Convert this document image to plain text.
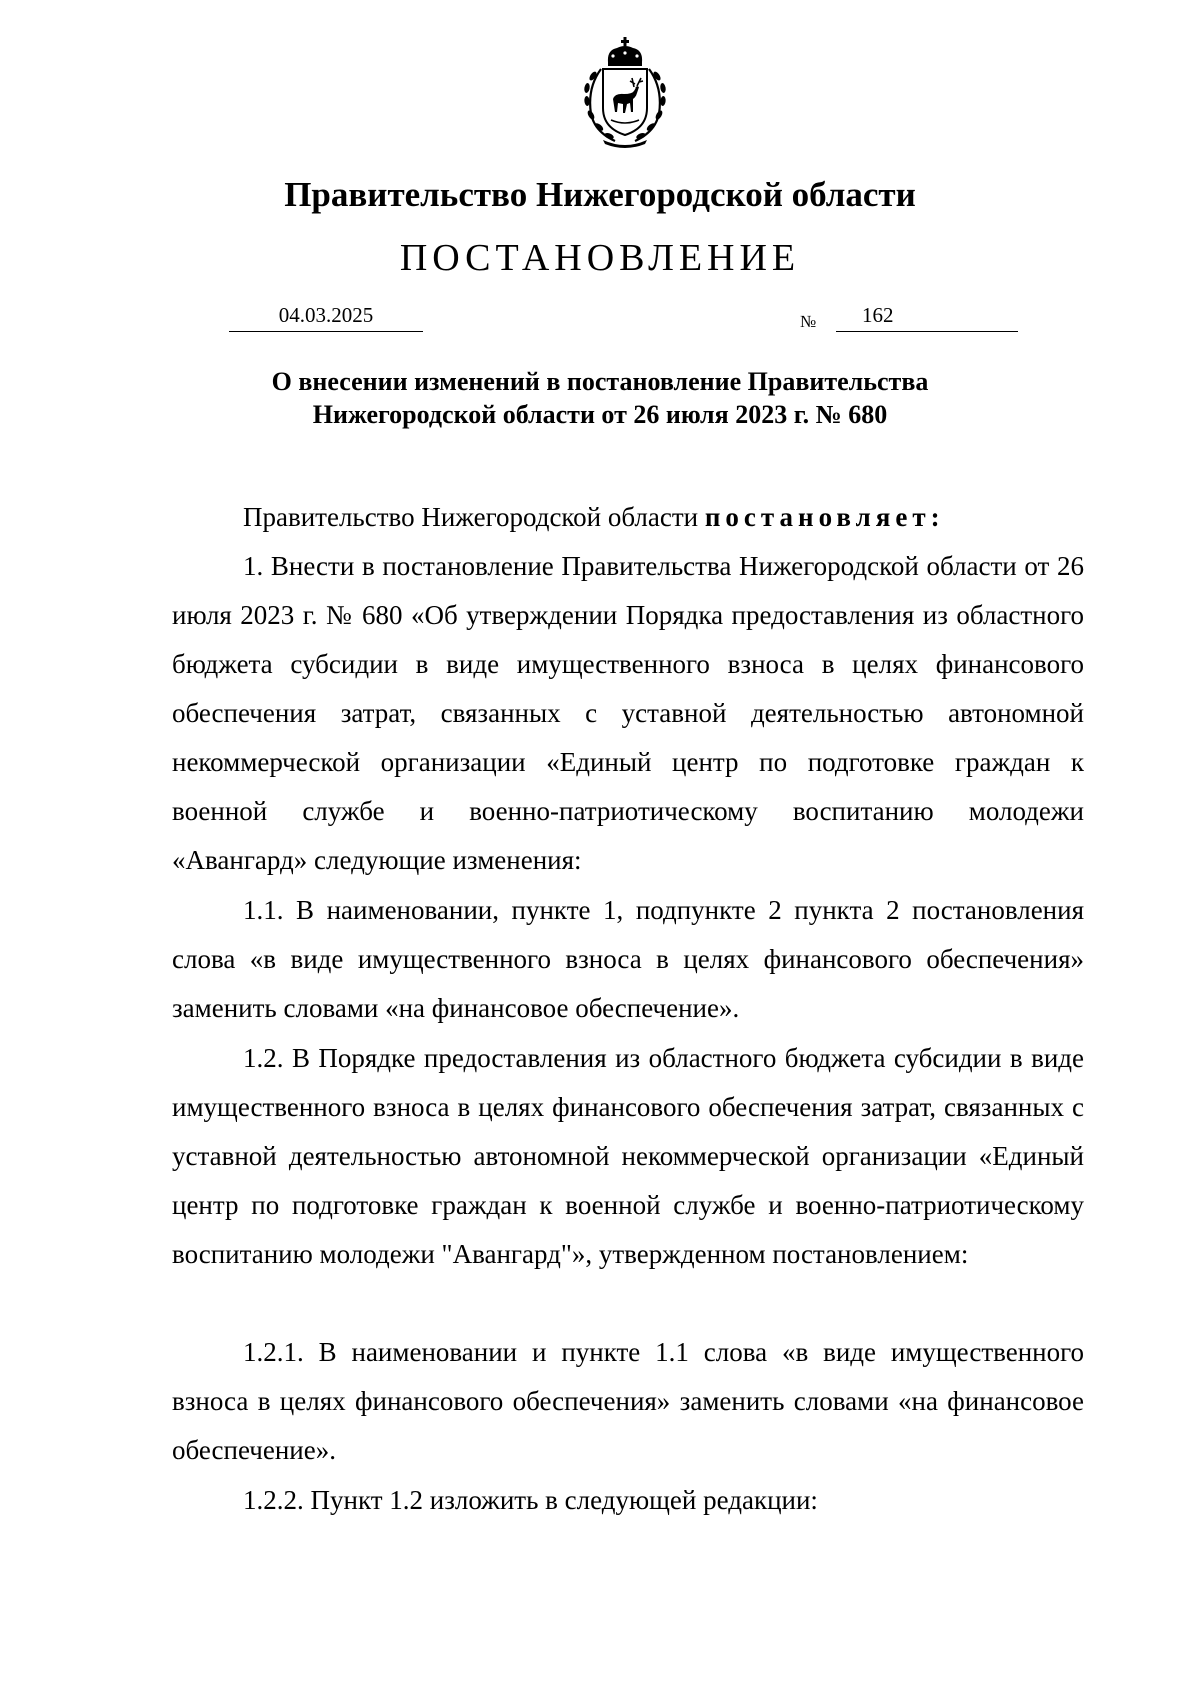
Правительство Нижегородской области
ПОСТАНОВЛЕНИЕ
04.03.2025	№ 162
О внесении изменений в постановление Правительства
Нижегородской области от 26 июля 2023 г. № 680
Правительство Нижегородской области постановляет:

1. Внести в постановление Правительства Нижегородской области от 26 июля 2023 г. № 680 «Об утверждении Порядка предоставления из областного бюджета субсидии в виде имущественного взноса в целях финансового обеспечения затрат, связанных с уставной деятельностью автономной некоммерческой организации «Единый центр по подготовке граждан к военной службе и военно-патриотическому воспитанию молодежи «Авангард» следующие изменения:

1.1. В наименовании, пункте 1, подпункте 2 пункта 2 постановления слова «в виде имущественного взноса в целях финансового обеспечения» заменить словами «на финансовое обеспечение».

1.2. В Порядке предоставления из областного бюджета субсидии в виде имущественного взноса в целях финансового обеспечения затрат, связанных с уставной деятельностью автономной некоммерческой организации «Единый центр по подготовке граждан к военной службе и военно-патриотическому воспитанию молодежи "Авангард"», утвержденном постановлением:

1.2.1. В наименовании и пункте 1.1 слова «в виде имущественного взноса в целях финансового обеспечения» заменить словами «на финансовое обеспечение».

1.2.2. Пункт 1.2 изложить в следующей редакции:
